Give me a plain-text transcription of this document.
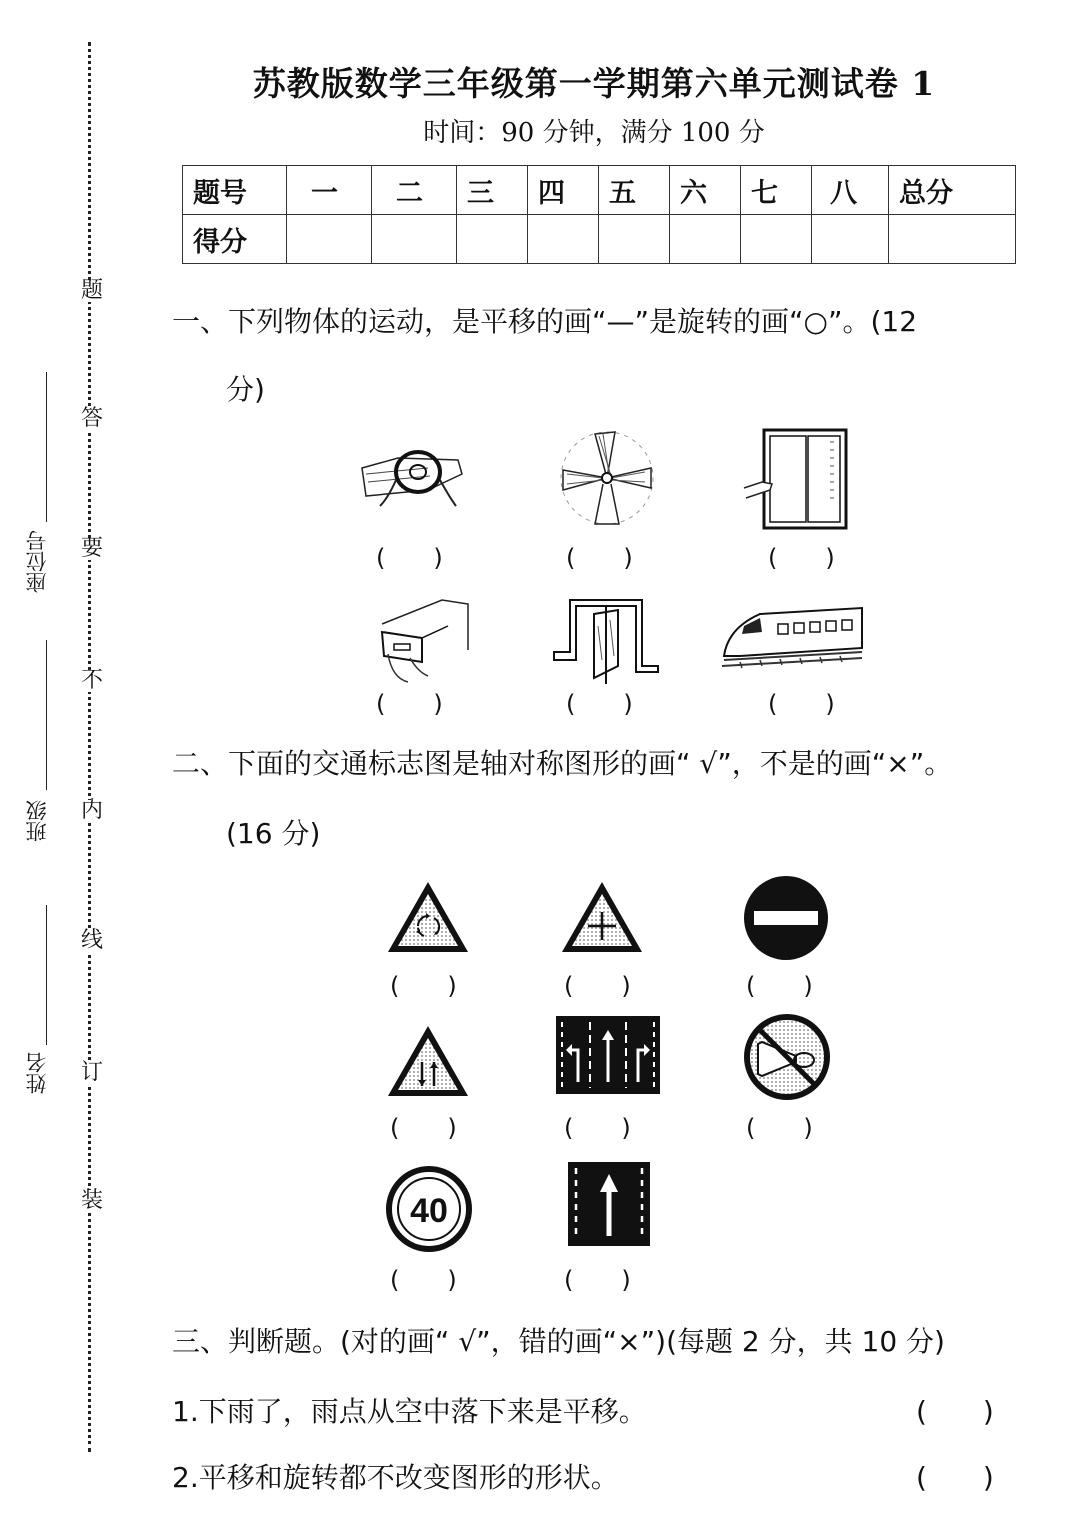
题
答
要
不
内
线
订
装
座位号
班级
姓名
苏教版数学三年级第一学期第六单元测试卷 1
时间：90 分钟，满分 100 分
题号	一	二	三	四	五	六	七	八	总分
得分									
一、下列物体的运动，是平移的画“—”是旋转的画“○”。(12
分)
(　　)	(　　)	(　　)
(　　)	(　　)	(　　)
二、下面的交通标志图是轴对称图形的画“ √”，不是的画“×”。
(16 分)
40
(　　)	(　　)	(　　)
(　　)	(　　)	(　　)
(　　)	(　　)
三、判断题。(对的画“ √”，错的画“×”)(每题 2 分，共 10 分)
1.下雨了，雨点从空中落下来是平移。	(　　)
2.平移和旋转都不改变图形的形状。	(　　)
